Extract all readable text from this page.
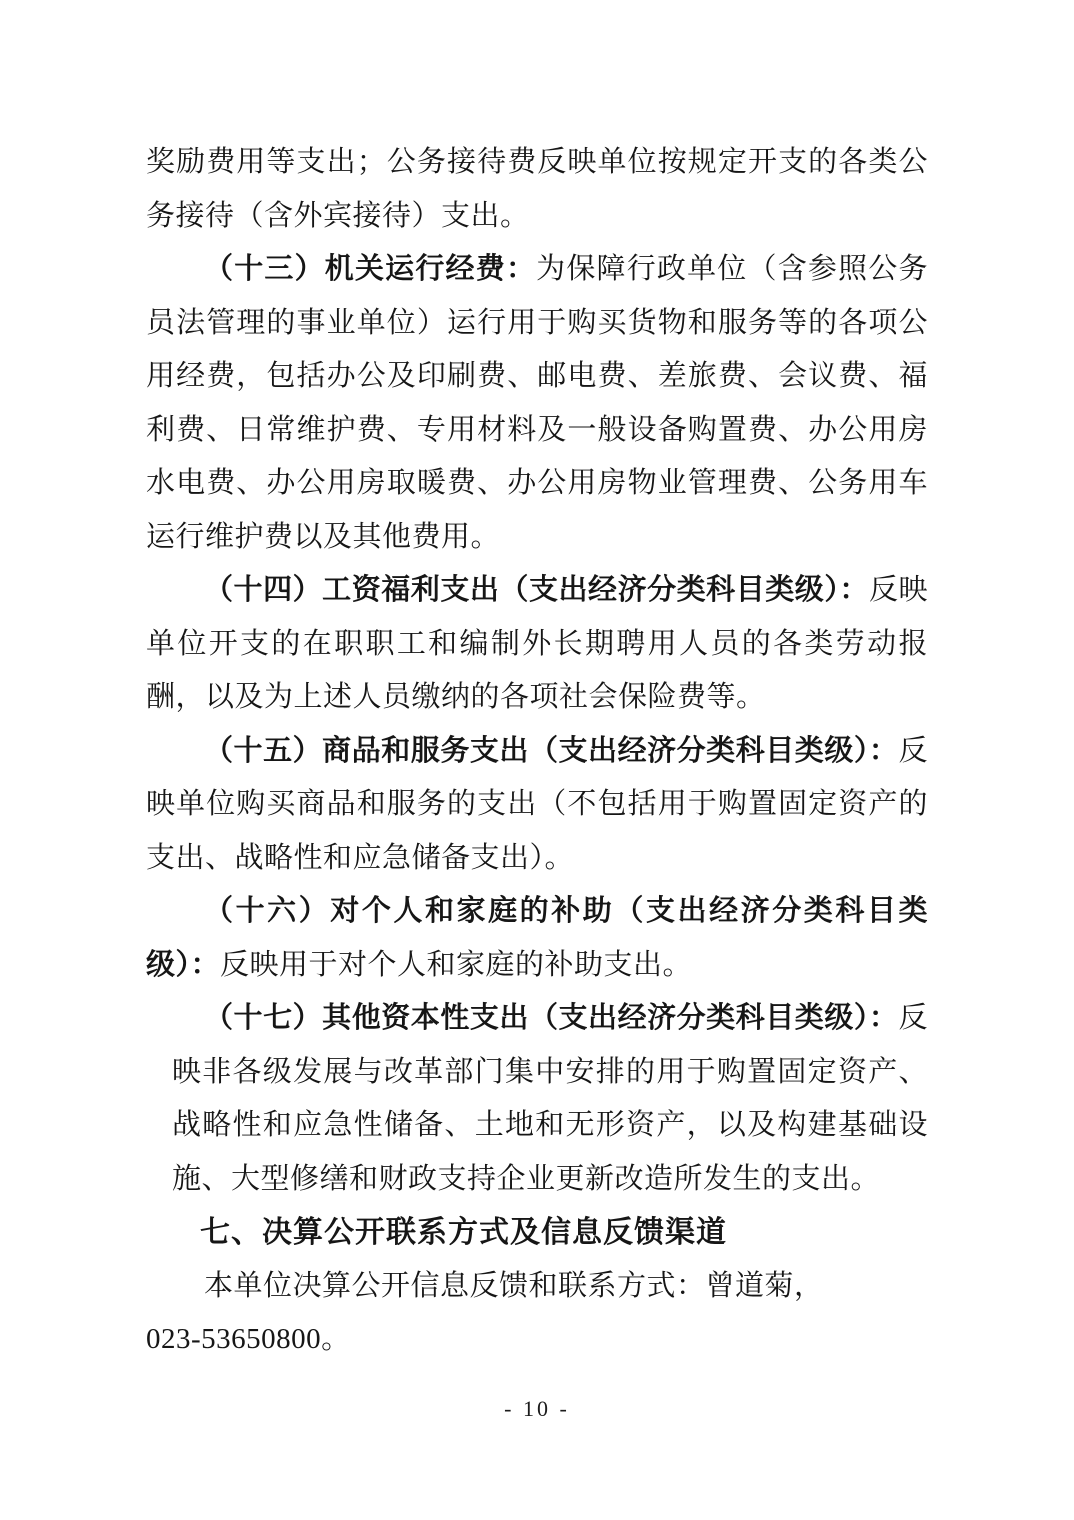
奖励费用等支出；公务接待费反映单位按规定开支的各类公务接待（含外宾接待）支出。

（十三）机关运行经费：为保障行政单位（含参照公务员法管理的事业单位）运行用于购买货物和服务等的各项公用经费，包括办公及印刷费、邮电费、差旅费、会议费、福利费、日常维护费、专用材料及一般设备购置费、办公用房水电费、办公用房取暖费、办公用房物业管理费、公务用车运行维护费以及其他费用。

（十四）工资福利支出（支出经济分类科目类级）：反映单位开支的在职职工和编制外长期聘用人员的各类劳动报酬，以及为上述人员缴纳的各项社会保险费等。

（十五）商品和服务支出（支出经济分类科目类级）：反映单位购买商品和服务的支出（不包括用于购置固定资产的支出、战略性和应急储备支出）。

（十六）对个人和家庭的补助（支出经济分类科目类级）：反映用于对个人和家庭的补助支出。

（十七）其他资本性支出（支出经济分类科目类级）：反映非各级发展与改革部门集中安排的用于购置固定资产、战略性和应急性储备、土地和无形资产，以及构建基础设施、大型修缮和财政支持企业更新改造所发生的支出。

七、决算公开联系方式及信息反馈渠道

本单位决算公开信息反馈和联系方式：曾道菊，023-53650800。

- 10 -
